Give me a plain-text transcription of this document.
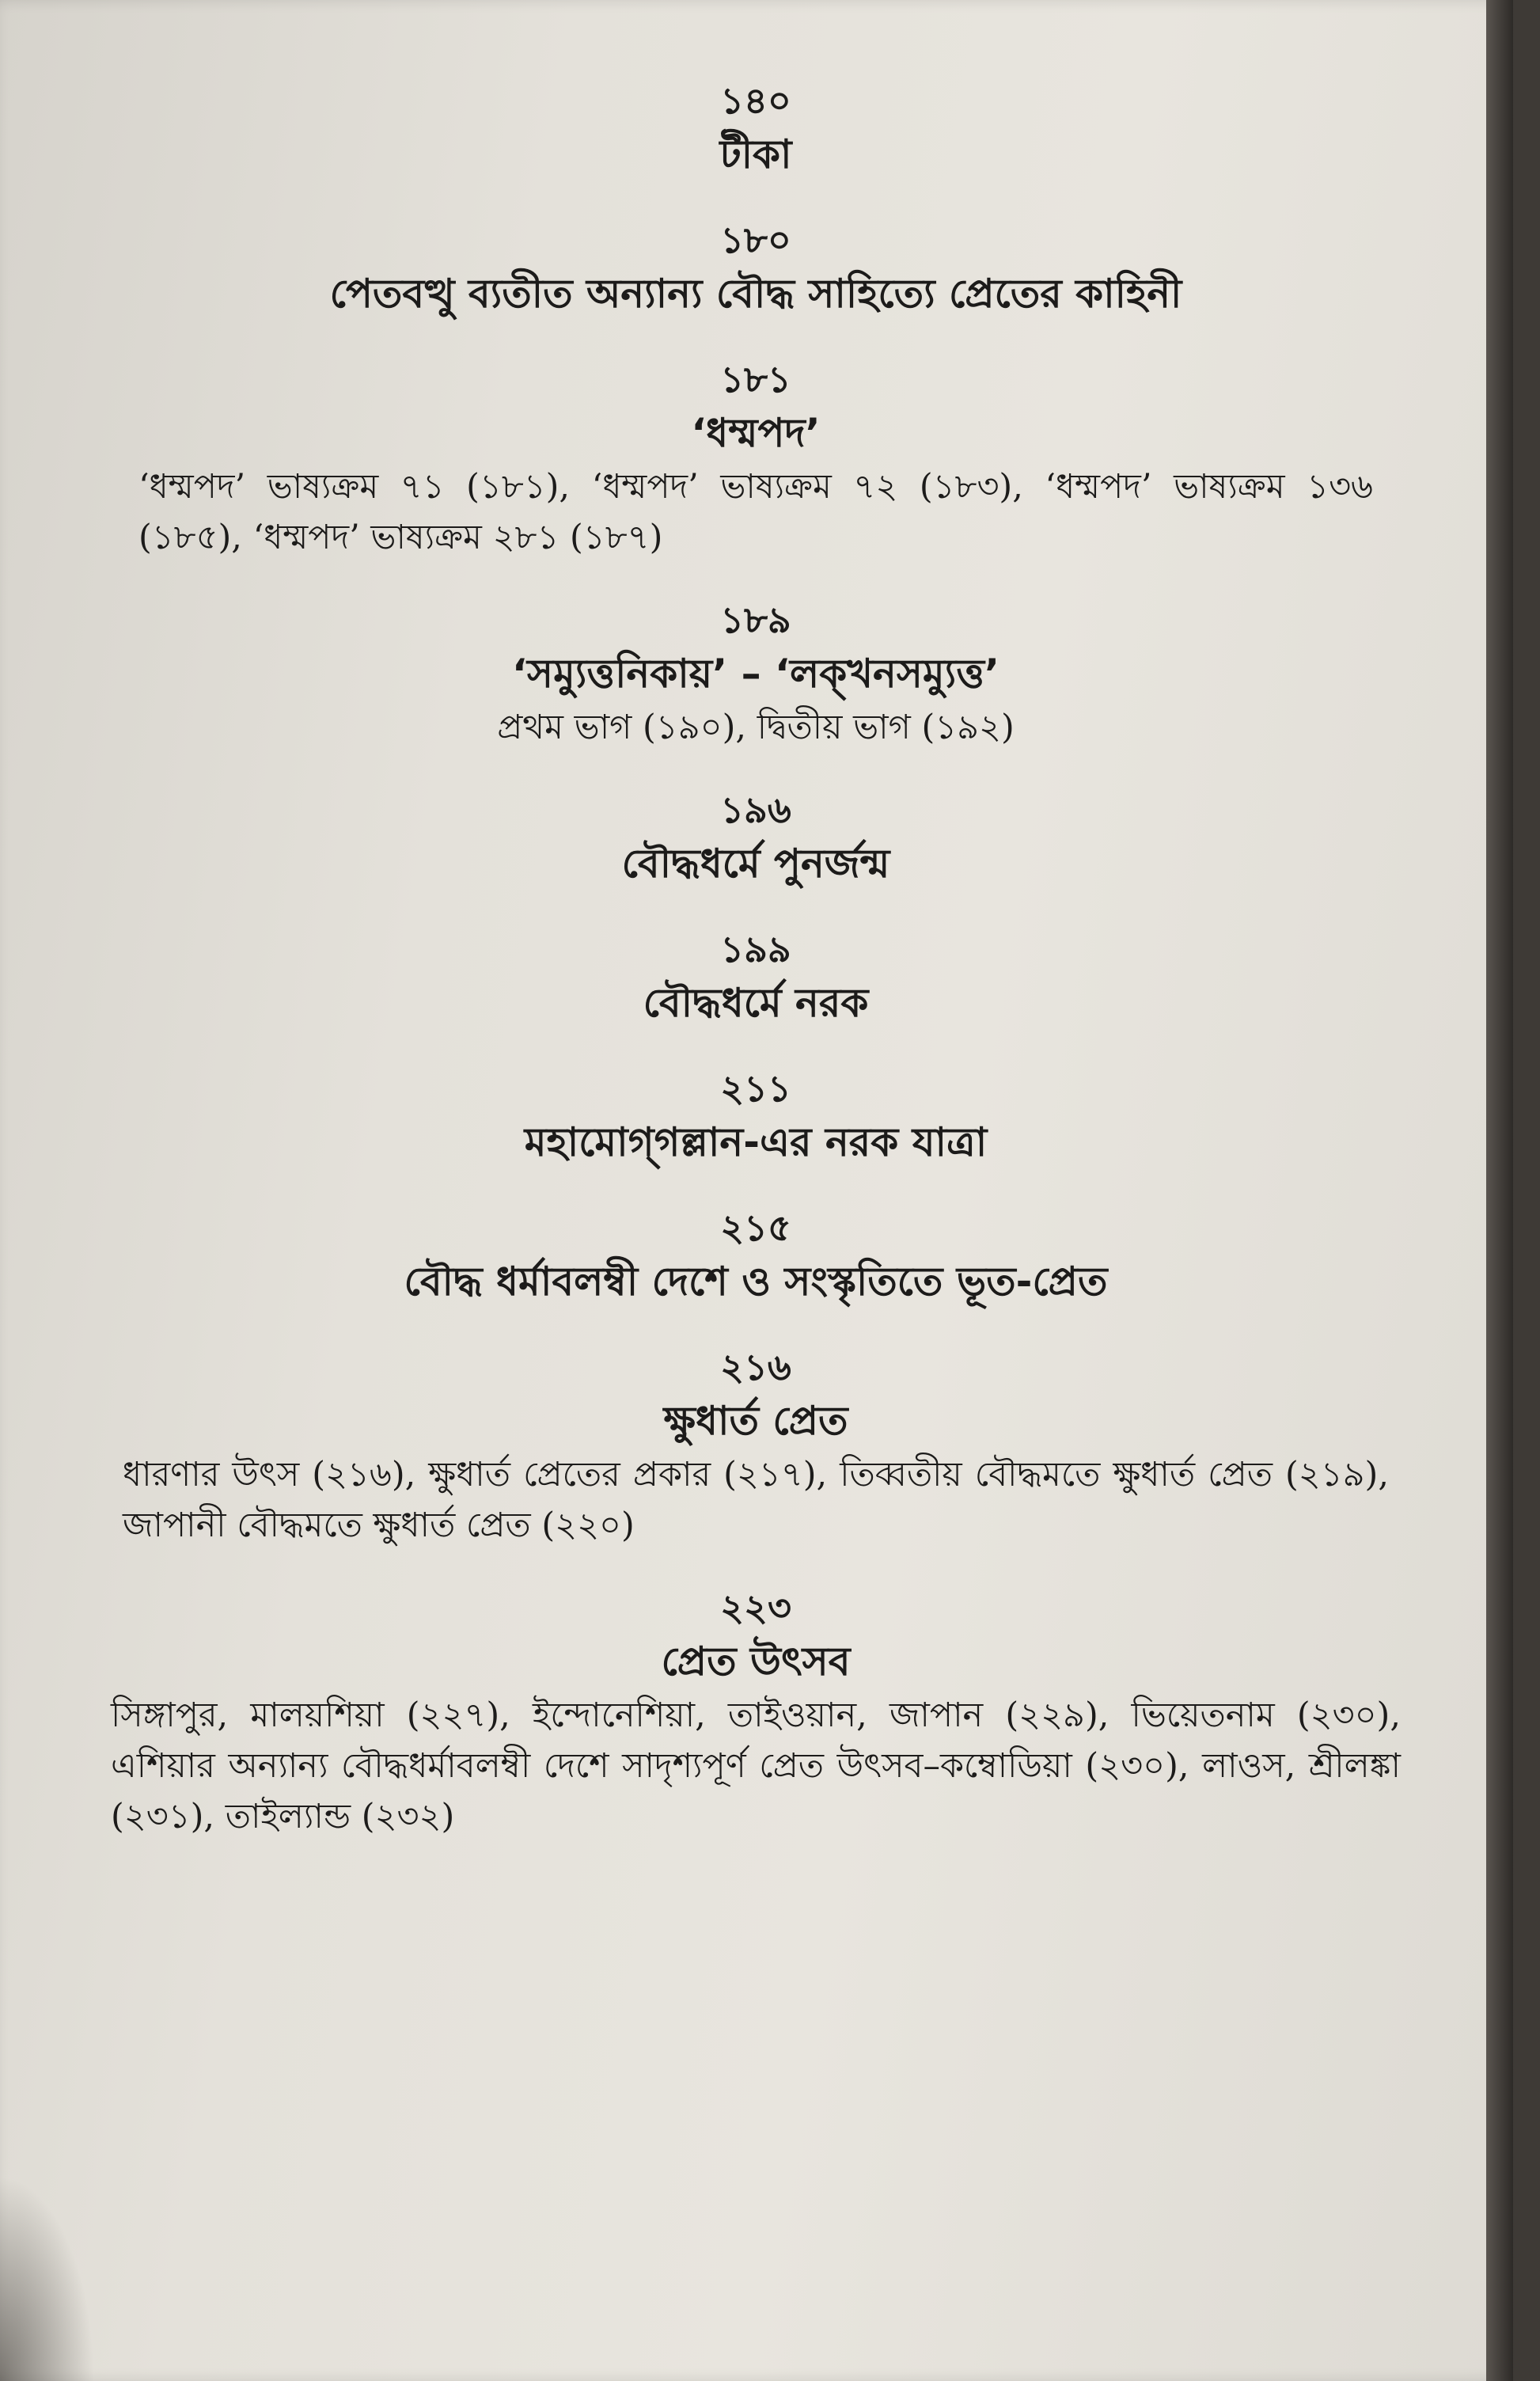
১৪০
টীকা
১৮০
পেতবত্থু ব্যতীত অন্যান্য বৌদ্ধ সাহিত্যে প্রেতের কাহিনী
১৮১
‘ধম্মপদ’
‘ধম্মপদ’ ভাষ্যক্রম ৭১ (১৮১), ‘ধম্মপদ’ ভাষ্যক্রম ৭২ (১৮৩), ‘ধম্মপদ’ ভাষ্যক্রম ১৩৬ (১৮৫), ‘ধম্মপদ’ ভাষ্যক্রম ২৮১ (১৮৭)
১৮৯
‘সম্যুত্তনিকায়’ – ‘লক্খনসম্যুত্ত’
প্রথম ভাগ (১৯০), দ্বিতীয় ভাগ (১৯২)
১৯৬
বৌদ্ধধর্মে পুনর্জন্ম
১৯৯
বৌদ্ধধর্মে নরক
২১১
মহামোগ্‌গল্লান-এর নরক যাত্রা
২১৫
বৌদ্ধ ধর্মাবলম্বী দেশে ও সংস্কৃতিতে ভূত-প্রেত
২১৬
ক্ষুধার্ত প্রেত
ধারণার উৎস (২১৬), ক্ষুধার্ত প্রেতের প্রকার (২১৭), তিব্বতীয় বৌদ্ধমতে ক্ষুধার্ত প্রেত (২১৯), জাপানী বৌদ্ধমতে ক্ষুধার্ত প্রেত (২২০)
২২৩
প্রেত উৎসব
সিঙ্গাপুর, মালয়শিয়া (২২৭), ইন্দোনেশিয়া, তাইওয়ান, জাপান (২২৯), ভিয়েতনাম (২৩০), এশিয়ার অন্যান্য বৌদ্ধধর্মাবলম্বী দেশে সাদৃশ্যপূর্ণ প্রেত উৎসব–কম্বোডিয়া (২৩০), লাওস, শ্রীলঙ্কা (২৩১), তাইল্যান্ড (২৩২)
